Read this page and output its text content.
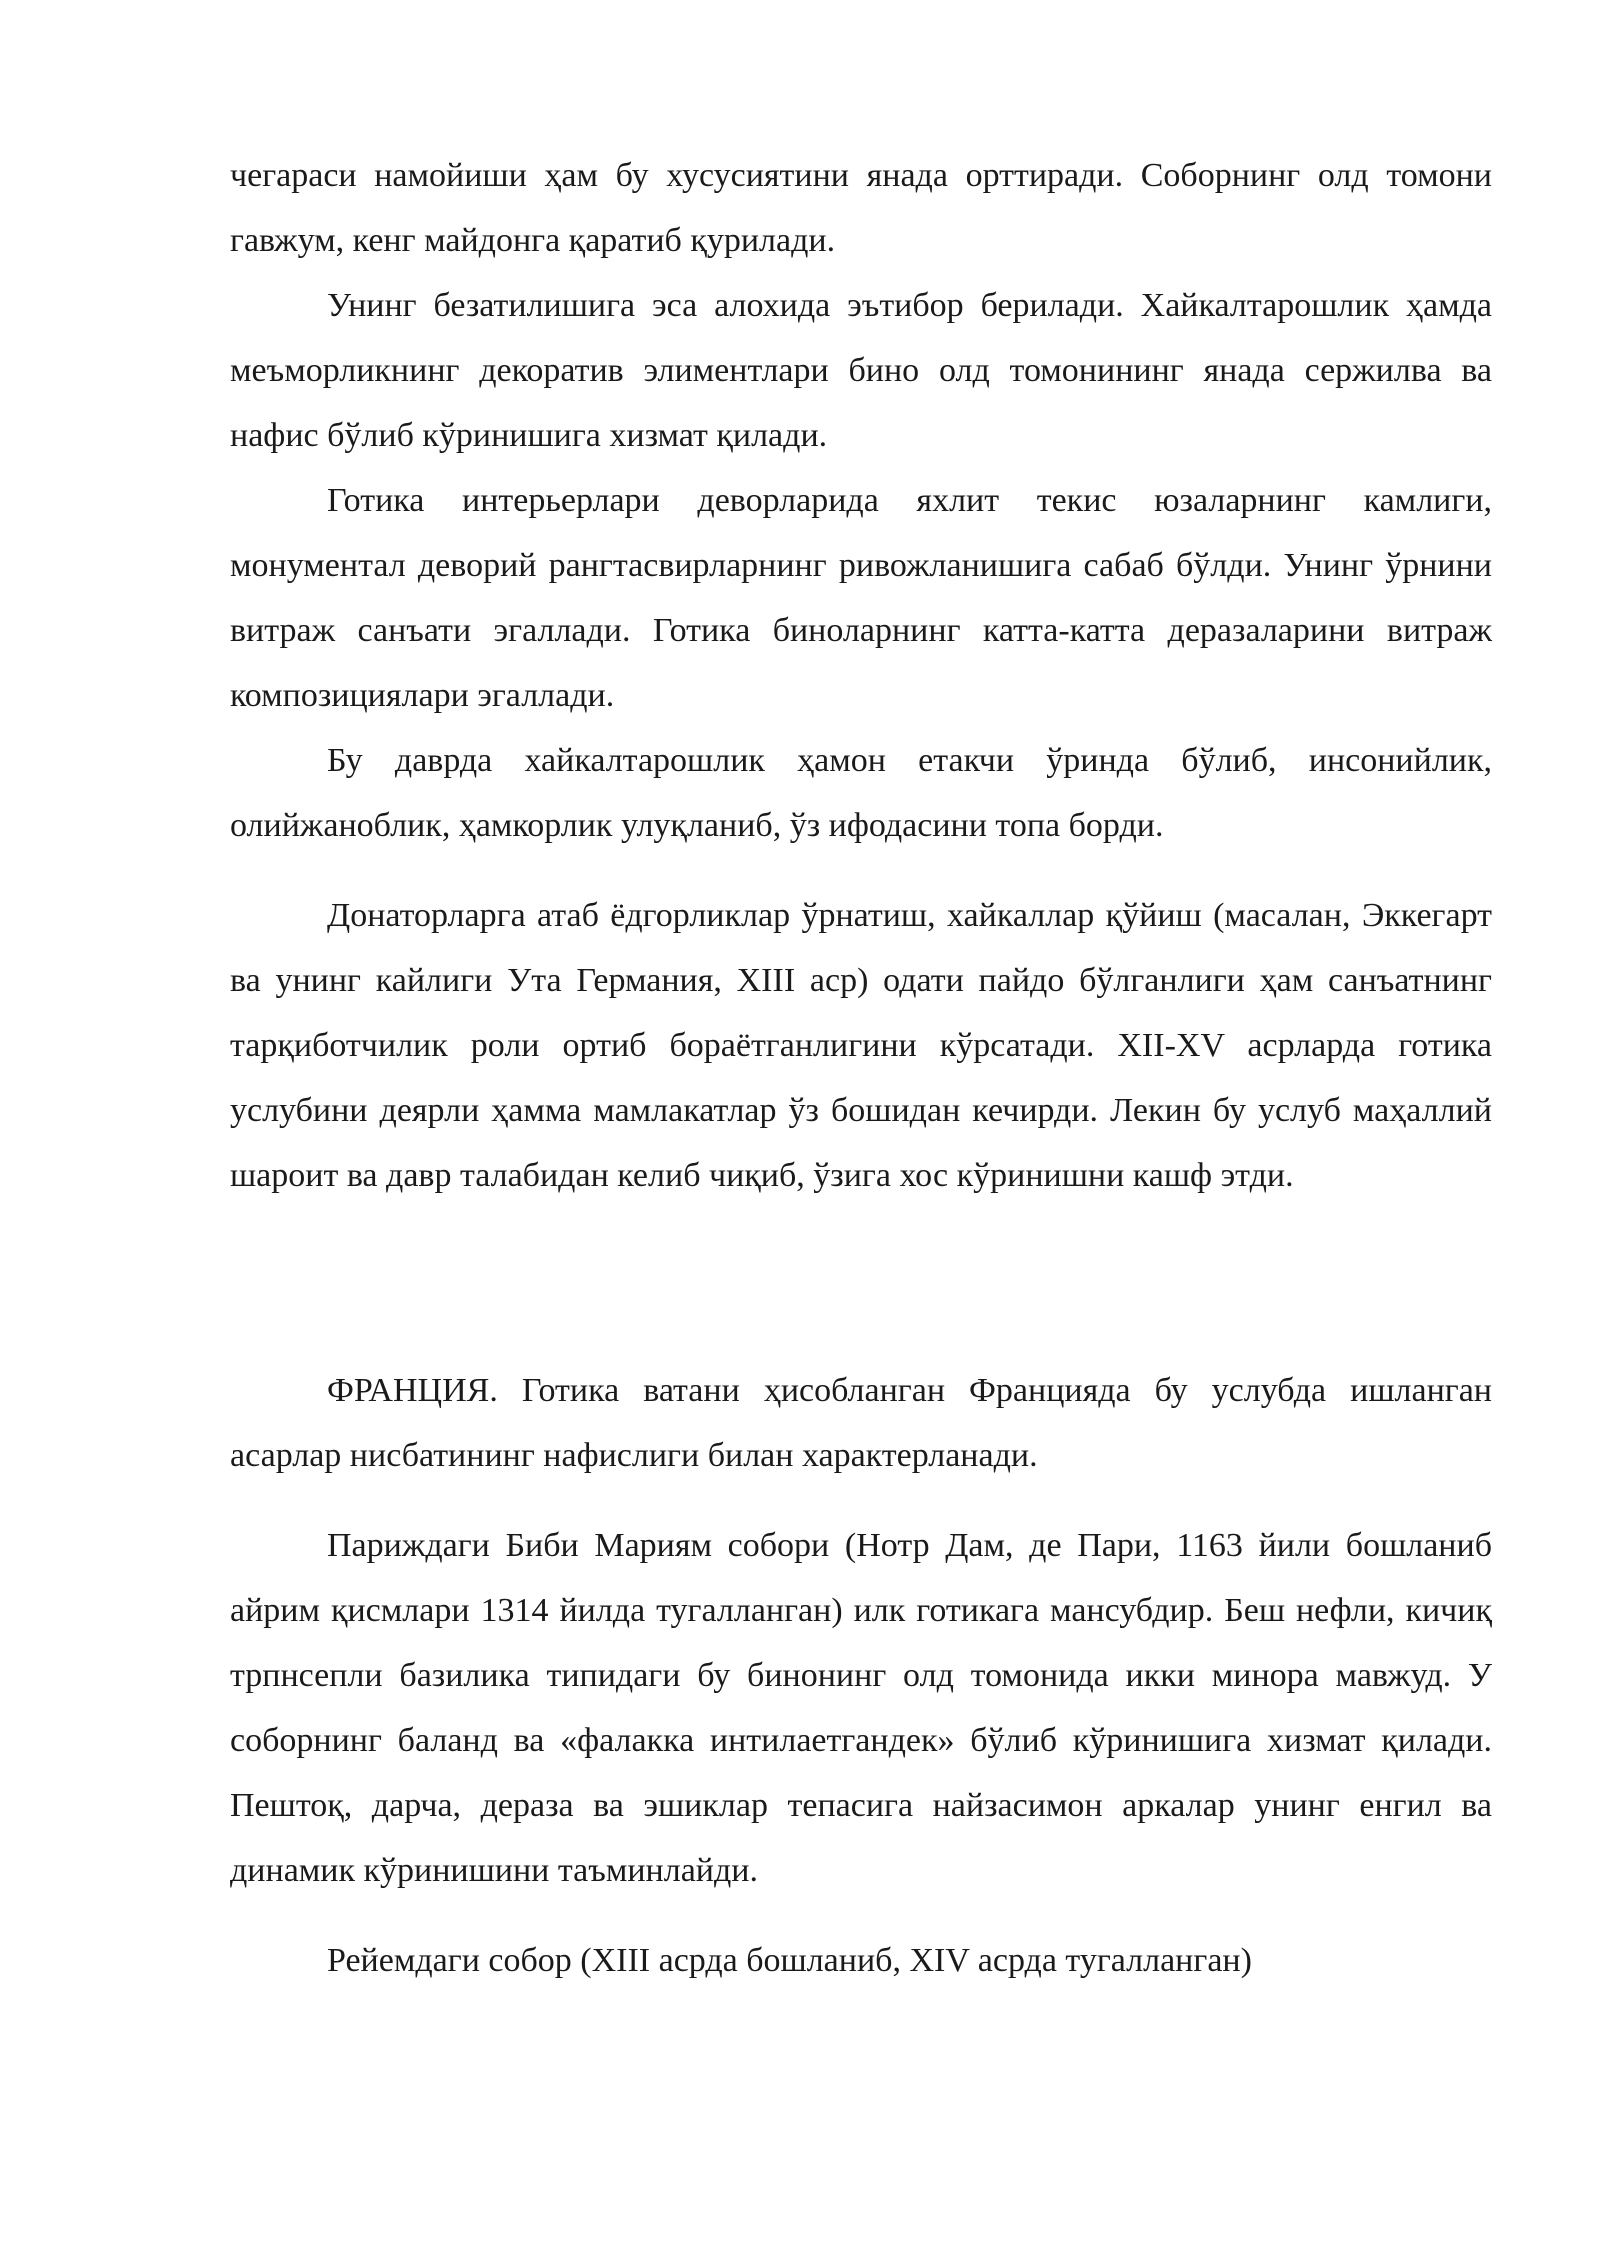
чегараси намойиши ҳам бу хусусиятини янада орттиради. Соборнинг олд томони гавжум, кенг майдонга қаратиб қурилади.

Унинг безатилишига эса алохида эътибор берилади. Хайкалтарошлик ҳамда меъморликнинг декоратив элиментлари бино олд томонининг янада сержилва ва нафис бўлиб кўринишига хизмат қилади.

Готика интерьерлари деворларида яхлит текис юзаларнинг камлиги, монументал деворий рангтасвирларнинг ривожланишига сабаб бўлди. Унинг ўрнини витраж санъати эгаллади. Готика биноларнинг катта-катта деразаларини витраж композициялари эгаллади.

Бу даврда хайкалтарошлик ҳамон етакчи ўринда бўлиб, инсонийлик, олийжаноблик, ҳамкорлик улуқланиб, ўз ифодасини топа борди.

Донаторларга атаб ёдгорликлар ўрнатиш, хайкаллар қўйиш (масалан, Эккегарт ва унинг кайлиги Ута Германия, XIII аср) одати пайдо бўлганлиги ҳам санъатнинг тарқиботчилик роли ортиб бораётганлигини кўрсатади. XII-XV асрларда готика услубини деярли ҳамма мамлакатлар ўз бошидан кечирди. Лекин бу услуб маҳаллий шароит ва давр талабидан келиб чиқиб, ўзига хос кўринишни кашф этди.

ФРАНЦИЯ. Готика ватани ҳисобланган Францияда бу услубда ишланган асарлар нисбатининг нафислиги билан характерланади.

Париждаги Биби Мариям собори (Нотр Дам, де Пари, 1163 йили бошланиб айрим қисмлари 1314 йилда тугалланган) илк готикага мансубдир. Беш нефли, кичиқ трпнсепли базилика типидаги бу бинонинг олд томонида икки минора мавжуд. У соборнинг баланд ва «фалакка интилаетгандек» бўлиб кўринишига хизмат қилади. Пештоқ, дарча, дераза ва эшиклар тепасига найзасимон аркалар унинг енгил ва динамик кўринишини таъминлайди.

Рейемдаги собор (XIII асрда бошланиб, XIV асрда тугалланган)
